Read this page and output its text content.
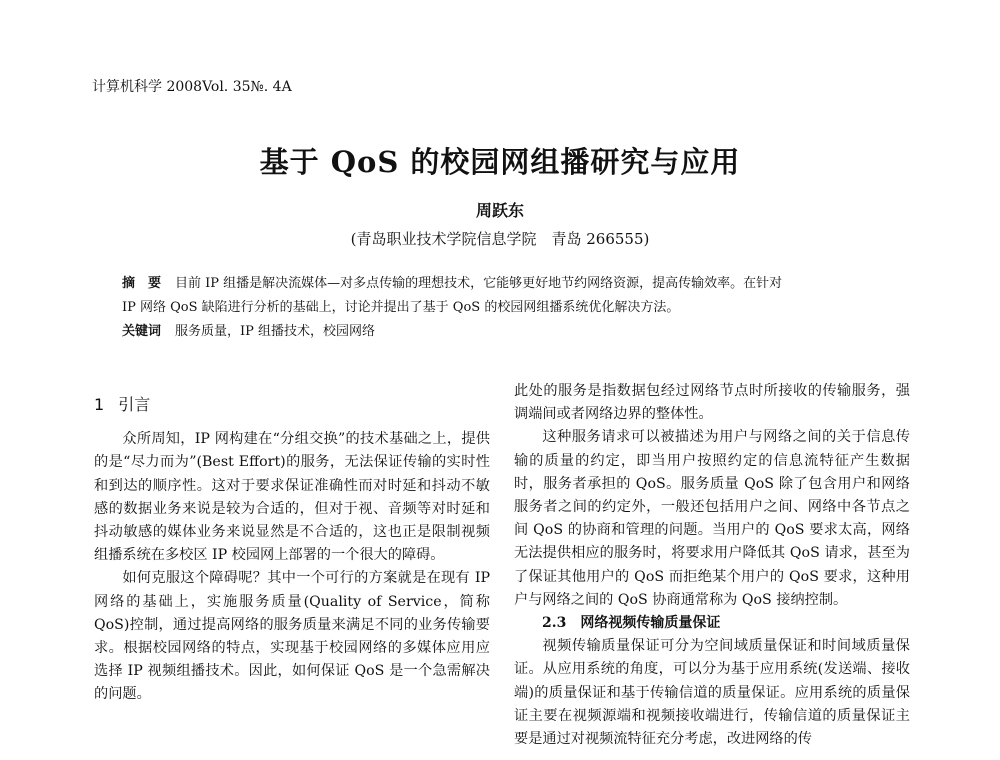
计算机科学 2008Vol. 35№. 4A
基于 QoS 的校园网组播研究与应用
周跃东
(青岛职业技术学院信息学院　青岛 266555)

摘　要 目前 IP 组播是解决流媒体—对多点传输的理想技术，它能够更好地节约网络资源，提高传输效率。在针对

IP 网络 QoS 缺陷进行分析的基础上，讨论并提出了基于 QoS 的校园网组播系统优化解决方法。

关键词 服务质量，IP 组播技术，校园网络

1 引言

众所周知，IP 网构建在“分组交换”的技术基础之上，提供的是“尽力而为”(Best Effort)的服务，无法保证传输的实时性和到达的顺序性。这对于要求保证准确性而对时延和抖动不敏感的数据业务来说是较为合适的，但对于视、音频等对时延和抖动敏感的媒体业务来说显然是不合适的，这也正是限制视频组播系统在多校区 IP 校园网上部署的一个很大的障碍。

如何克服这个障碍呢？其中一个可行的方案就是在现有 IP 网络的基础上，实施服务质量(Quality of Service，简称 QoS)控制，通过提高网络的服务质量来满足不同的业务传输要求。根据校园网络的特点，实现基于校园网络的多媒体应用应选择 IP 视频组播技术。因此，如何保证 QoS 是一个急需解决的问题。

此处的服务是指数据包经过网络节点时所接收的传输服务，强调端间或者网络边界的整体性。

这种服务请求可以被描述为用户与网络之间的关于信息传输的质量的约定，即当用户按照约定的信息流特征产生数据时，服务者承担的 QoS。服务质量 QoS 除了包含用户和网络服务者之间的约定外，一般还包括用户之间、网络中各节点之间 QoS 的协商和管理的问题。当用户的 QoS 要求太高，网络无法提供相应的服务时，将要求用户降低其 QoS 请求，甚至为了保证其他用户的 QoS 而拒绝某个用户的 QoS 要求，这种用户与网络之间的 QoS 协商通常称为 QoS 接纳控制。

2.3 网络视频传输质量保证

视频传输质量保证可分为空间域质量保证和时间域质量保证。从应用系统的角度，可以分为基于应用系统(发送端、接收端)的质量保证和基于传输信道的质量保证。应用系统的质量保证主要在视频源端和视频接收端进行，传输信道的质量保证主要是通过对视频流特征充分考虑，改进网络的传
